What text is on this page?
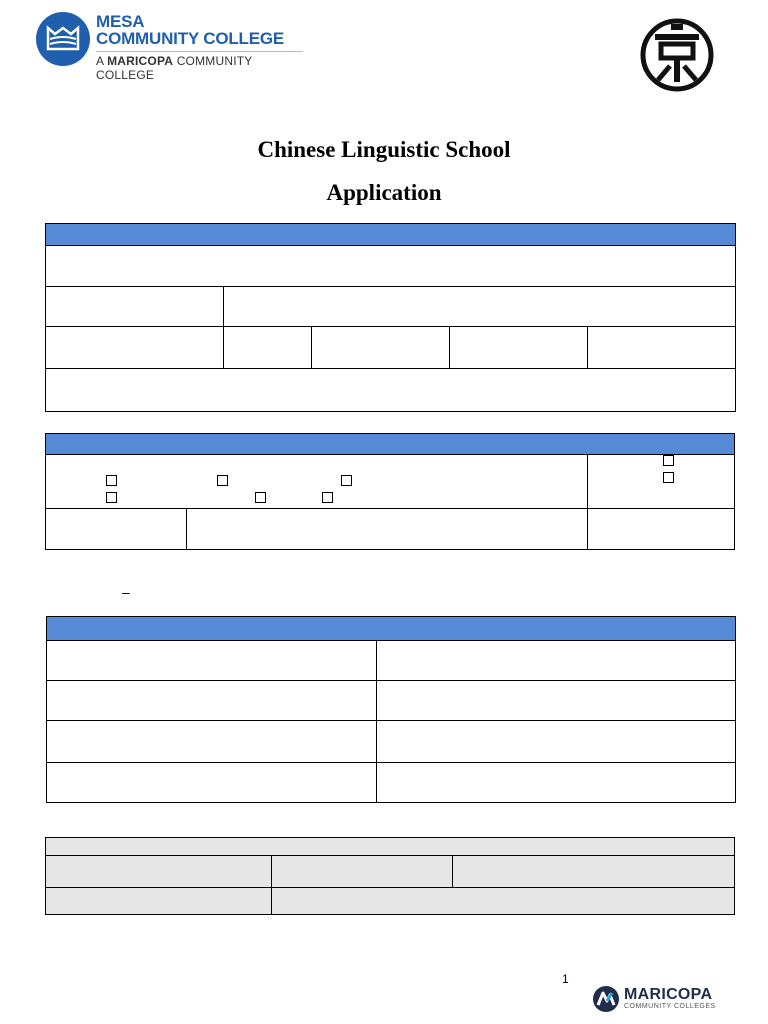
MESA
COMMUNITY COLLEGE
A MARICOPA COMMUNITY COLLEGE
Chinese Linguistic School
Application

–

1
MARICOPA
COMMUNITY COLLEGES
